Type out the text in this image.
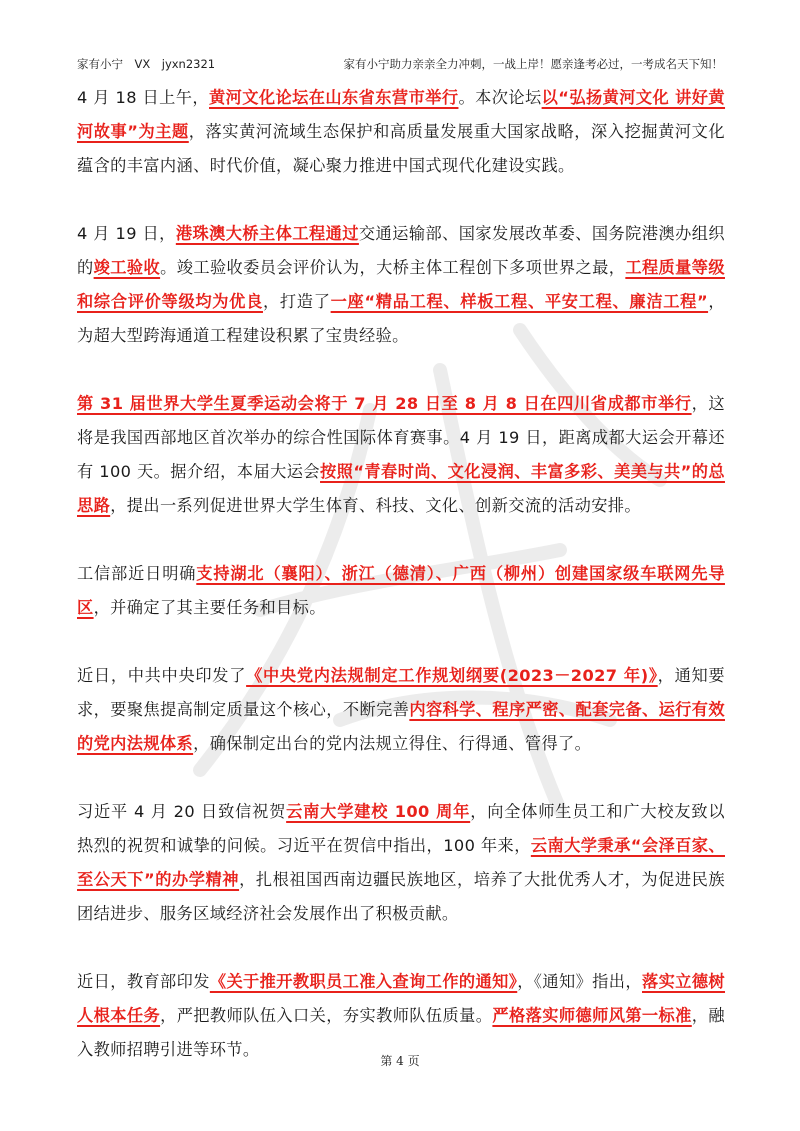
家有小宁　VX　jyxn2321	家有小宁助力亲亲全力冲刺，一战上岸！愿亲逢考必过，一考成名天下知！

4 月 18 日上午，黄河文化论坛在山东省东营市举行。本次论坛以“弘扬黄河文化 讲好黄河故事”为主题，落实黄河流域生态保护和高质量发展重大国家战略，深入挖掘黄河文化蕴含的丰富内涵、时代价值，凝心聚力推进中国式现代化建设实践。

4 月 19 日，港珠澳大桥主体工程通过交通运输部、国家发展改革委、国务院港澳办组织的竣工验收。竣工验收委员会评价认为，大桥主体工程创下多项世界之最，工程质量等级和综合评价等级均为优良，打造了一座“精品工程、样板工程、平安工程、廉洁工程”，为超大型跨海通道工程建设积累了宝贵经验。

第 31 届世界大学生夏季运动会将于 7 月 28 日至 8 月 8 日在四川省成都市举行，这将是我国西部地区首次举办的综合性国际体育赛事。4 月 19 日，距离成都大运会开幕还有 100 天。据介绍，本届大运会按照“青春时尚、文化浸润、丰富多彩、美美与共”的总思路，提出一系列促进世界大学生体育、科技、文化、创新交流的活动安排。

工信部近日明确支持湖北（襄阳）、浙江（德清）、广西（柳州）创建国家级车联网先导区，并确定了其主要任务和目标。

近日，中共中央印发了《中央党内法规制定工作规划纲要(2023－2027 年)》，通知要求，要聚焦提高制定质量这个核心，不断完善内容科学、程序严密、配套完备、运行有效的党内法规体系，确保制定出台的党内法规立得住、行得通、管得了。

习近平 4 月 20 日致信祝贺云南大学建校 100 周年，向全体师生员工和广大校友致以热烈的祝贺和诚挚的问候。习近平在贺信中指出，100 年来，云南大学秉承“会泽百家、至公天下”的办学精神，扎根祖国西南边疆民族地区，培养了大批优秀人才，为促进民族团结进步、服务区域经济社会发展作出了积极贡献。

近日，教育部印发《关于推开教职员工准入查询工作的通知》，《通知》指出，落实立德树人根本任务，严把教师队伍入口关，夯实教师队伍质量。严格落实师德师风第一标准，融入教师招聘引进等环节。

第 4 页
